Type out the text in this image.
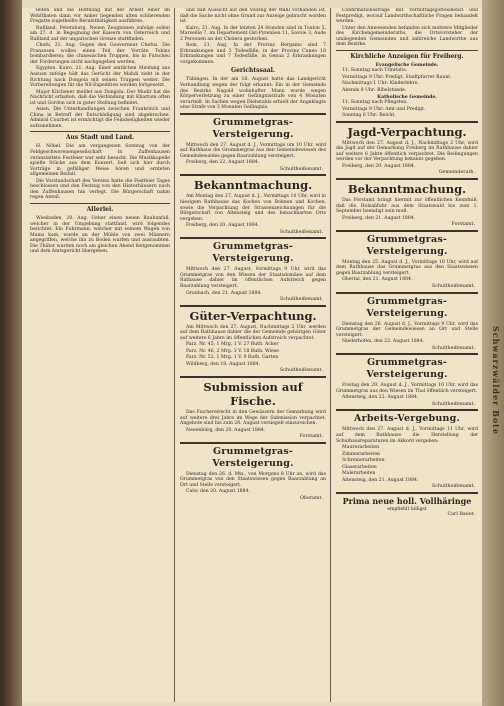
Schwarzwälder Bote
leiten und die Hoffnung mit der Arbeit einer im Wohlthaten dann vor Anker liegenden alten schlierenden Fregatte zugetheilte Berufsthätigkeit ausführen.
Rußland. Petersburg. Neuen Zeugnissen zufolge sollen am 27. d. in Begegnung der Kaisern von Österreich und Rußland auf der ungarischen Grenze stattfinden.
Chefu, 21. Aug. Gegen den Gouverneur Chefus. Die Franzosen wollen einen Teil der Vorräte Tokins bombardieren; die chinesischen Truppen, bis in Futscheu der Forderungen nicht nachgegeben werden.
Egypten. Kairo, 21. Aug. Einer amtlichen Meldung aus Assuan zufolge hält das Gerücht der Mahdi zieht in der Richtung nach Dongola mit seinen Truppen weiter. Die Vorbereitungen für die Nil-Expedition werden fortgesetzt.
Major Kitchener meldet aus Dongola: Der Mudir hat die Nachricht erhalten, daß die Verbindung mit Khartum offen ist und Gordon sich in guter Stellung befindet.
Asien. Die Unterhandlungen zwischen Frankreich und China in Betreff der Entschädigung sind abgebrochen. Admiral Courbet ist ermächtigt die Feindseligkeiten wieder aufzunehmen.
Aus Stadt und Land.
H. Nöbel. Die am vergangenen Sonntag von der Feldgeschworenengesellschaft in Zuffenhausen veranstaltete Festfeier war sehr besucht. Die Musikkapelle spielte Stücke aus dem Konzert, ließ sich hier durch Vorträge in gefälliger Weise hören und ernteten allgemeinen Beifall.
Die Vorstandschaft des Vereins hatte die Festfeier Tages beschlossen und den Festzug von den Hinterhäusern nach den Zuffenhausen hin verlegt. Die Bürgerschaft nahm regen Anteil.
Allerlei.
Wiesbaden, 20. Aug. Ueber einen neuen Raubanfall, welcher in der Umgebung stattfand, wird folgendes berichtet: Ein Fuhrmann, welcher mit seinem Wagen von Mainz kam, wurde an der Mühle von zwei Männern angegriffen, welche ihn zu Boden warfen und ausraubten. Die Thäter wurden noch am gleichen Abend festgenommen und dem Amtsgericht übergeben.
und daß Aussicht auf den Vollzug der Wahl vorhanden ist, daß die Sache nicht ohne Grund zur Anzeige gebracht worden ist.
Kairo, 21. Aug. In der letzten 24 Stunden sind in Toulon 5, Marseille 7, im Departement Ost-Pyrenäen 11, Savoie 3, Aude 2 Personen an der Cholera gestorben.
Rom, 21. Aug. In der Provinz Bergamo sind 7 Erkrankungen und 3 Todesfälle, in der Provinz Cuneo 18 Erkrankungen und 7 Todesfälle, in Genua 2 Erkrankungen vorgekommen.
Gerichtssaal.
Tübingen. In der am 18. August hatte das Landgericht Verhandlung wegen der folgt erkannt: Ein in der Gemeinde des Bezirks Nagold wohnhafter Mann wurde wegen Körperverletzung zu einer Gefängnisstrafe von 4 Monaten verurteilt. In Sachen wegen Diebstahls erhielt der Angeklagte eine Strafe von 3 Monaten Gefängnis.
Grummetgras-Versteigerung.
Mittwoch den 27. August d. J., Vormittags um 10 Uhr, wird auf Rathhaus die Grummetgras aus den Gemeindewiesen des Gemeindewaldes gegen Baarzahlung versteigert.
Freiberg, den 22. August 1884.
Schultheißenamt.
Bekanntmachung.
Am Montag den 27. August d. J., Vormittags 10 Uhr, wird in hiesigem Rathhause das Kochen von Bohnen und Kochen, sowie die Verpachtung der Strassenzeichnungen für die Bürgerschaft von Altensteig und des benachbarten Orts vergeben.
Freiberg, den 20. August 1884.
Schultheißenamt.
Grummetgras-Versteigerung.
Mittwoch den 27. August, Vormittags 9 Uhr, wird das Grummetgras von den Wiesen der Staatsdomäne auf dem Rathause dahier im öffentlichen Aufstreich gegen Baarzahlung versteigert.
Grunbach, den 21. August 1884.
Schultheißenamt.
Güter-Verpachtung.
Am Mittwoch den 27. August, Nachmittags 2 Uhr, werden auf dem Rathhause dahier die der Gemeinde gehörigen Güter auf weitere 6 Jahre im öffentlichen Aufstreich verpachtet.
Parz. Nr. 45, 1 Mrg. 1 V. 27 Ruth. Acker
Parz. Nr. 46, 2 Mrg. 3 V. 18 Ruth. Wiese
Parz. Nr. 52, 1 Mrg. 1 V. 9 Ruth. Garten
Wildberg, den 18. August 1884.
Schultheißenamt.
Submission auf Fische.
Das Fischereirecht in den Gewässern der Gemarkung wird auf weitere drei Jahre im Wege der Submission verpachtet. Angebote sind bis zum 28. August versiegelt einzureichen.
Neuenbürg, den 20. August 1884.
Forstamt.
Grummetgras-Versteigerung.
Dienstag den 26. d. Mts., von Morgens 8 Uhr an, wird das Grummetgras von den Staatswiesen gegen Baarzahlung an Ort und Stelle versteigert.
Calw, den 20. August 1884.
Oberamt.
Confirmationsstrage mit Vormittagsgottesdienst und Festpredigt, worauf Landwirthschaftliche Fragen behandelt werden.
Unter den Anwesenden befanden sich mehrere Mitglieder des Kirchengemeinderaths, die Ortsvorsteher der umliegenden Gemeinden und zahlreiche Landwirthe aus dem Bezirke.
Kirchliche Anzeigen für Freiberg.
Evangelische Gemeinde.
11. Sonntag nach Trinitatis.
Vormittags 9 Uhr: Predigt, Stadtpfarrer Raunt.
Nachmittags 1 Uhr: Kinderlehre.
Abends 8 Uhr: Bibelstunde.
Katholische Gemeinde.
11. Sonntag nach Pfingsten.
Vormittags 9 Uhr: Amt und Predigt.
Sonntag 6 Uhr: Beicht.
Jagd-Verpachtung.
Mittwoch den 27. August d. J., Nachmittags 2 Uhr, wird die Jagd auf der Gemarkung Freiberg im Rathhause dahier auf weitere 6 Jahre öffentlich verpachtet. Die Bedingungen werden vor der Verpachtung bekannt gegeben.
Freiberg, den 20. August 1884.
Gemeinderath.
Bekanntmachung.
Das Forstamt bringt hiermit zur öffentlichen Kenntniß, daß die Holzabfuhr aus dem Staatswald bis zum 1. September beendigt sein muß.
Freiberg, den 21. August 1884.
Forstamt.
Grummetgras-Versteigerung.
Montag den 25. August d. J., Vormittags 10 Uhr, wird auf dem Rathhause das Grummetgras aus den Staatswiesen gegen Baarzahlung versteigert.
Obertal, den 21. August 1884.
Schultheißenamt.
Grummetgras-Versteigerung.
Dienstag den 26. August d. J., Vormittags 9 Uhr, wird das Grummetgras der Gemeindewiesen an Ort und Stelle versteigert.
Niederhofen, den 22. August 1884.
Schultheißenamt.
Grummetgras-Versteigerung.
Freitag den 29. August d. J., Vormittags 10 Uhr, wird das Grummetgras aus den Wiesen im Thal öffentlich versteigert.
Altensteig, den 22. August 1884.
Schultheißenamt.
Arbeits-Vergebung.
Mittwoch den 27. August d. J., Vormittags 11 Uhr, wird auf dem Rathhause die Herstellung der Schulhausreparaturen im Akkord vergeben:
Maurerarbeiten
Zimmerarbeiten
Schreinerarbeiten
Glaserarbeiten
Malerarbeiten
Altensteig, den 21. August 1884.
Schultheißenamt.
Prima neue holl. Vollhäringe
empfiehlt billigst
Carl Bauer.
